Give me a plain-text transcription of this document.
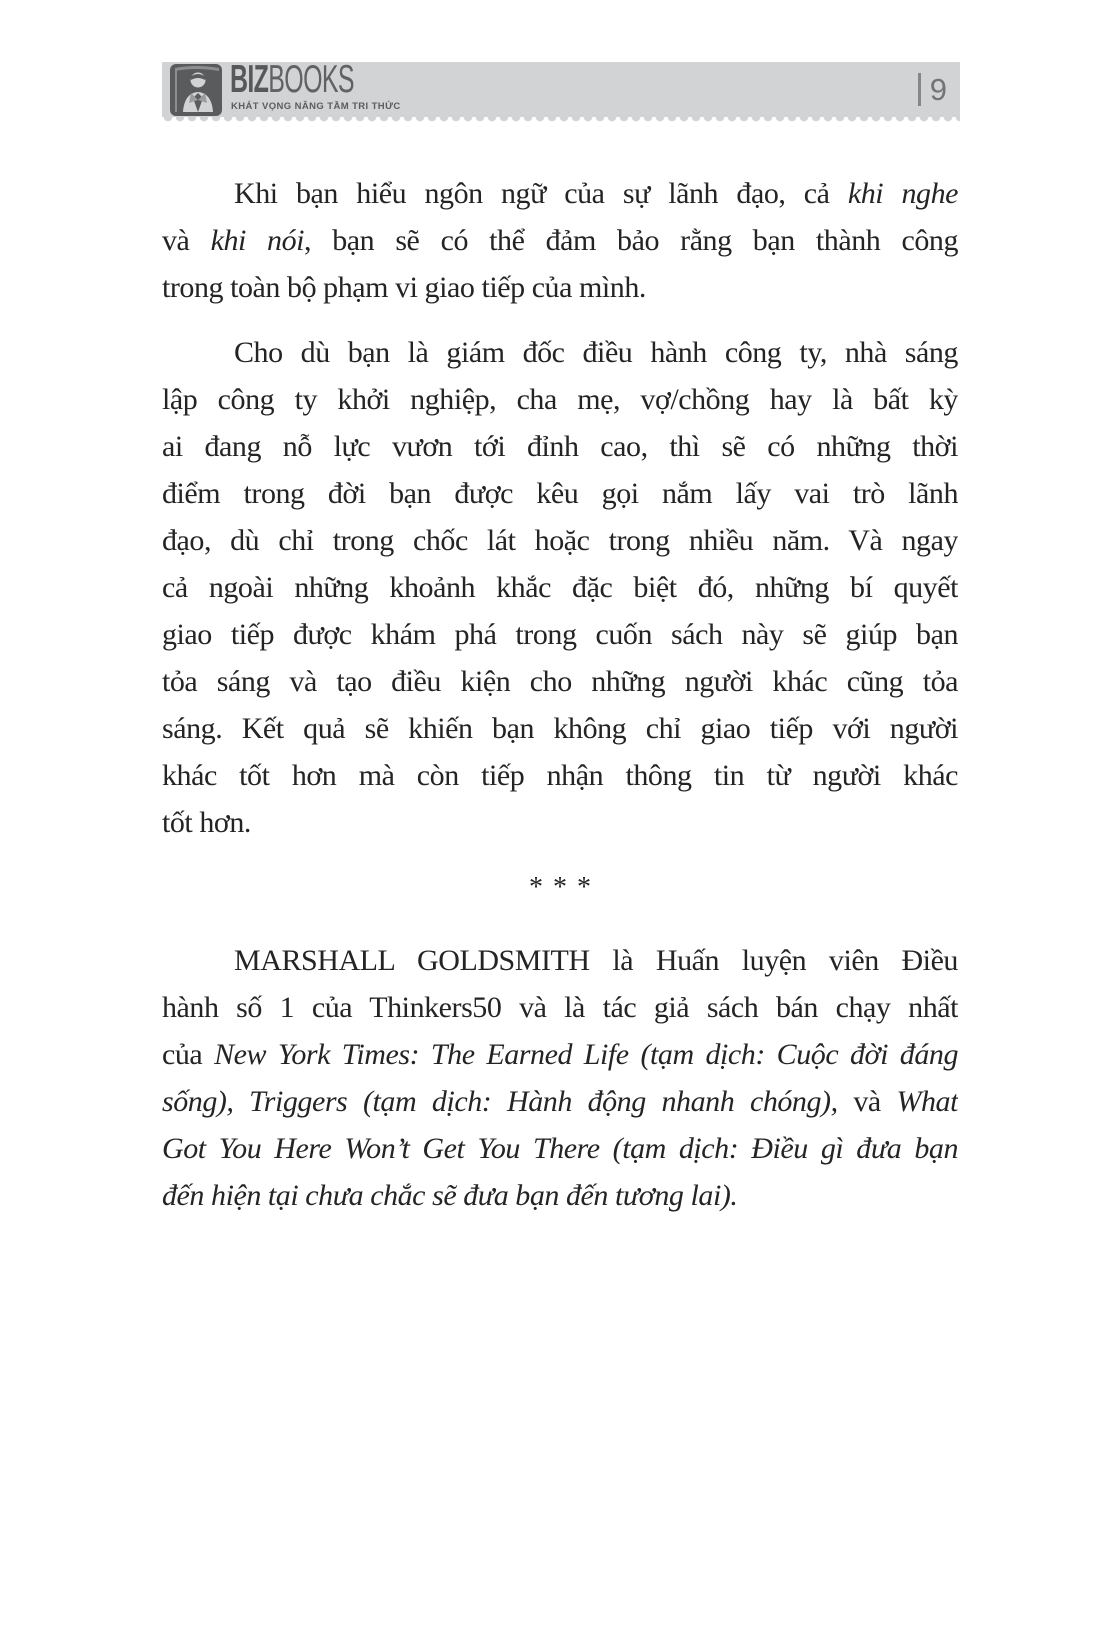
BIZBOOKS
KHÁT VỌNG NÂNG TẦM TRI THỨC	9
Khi bạn hiểu ngôn ngữ của sự lãnh đạo, cả khi nghe
và khi nói, bạn sẽ có thể đảm bảo rằng bạn thành công
trong toàn bộ phạm vi giao tiếp của mình.
Cho dù bạn là giám đốc điều hành công ty, nhà sáng
lập công ty khởi nghiệp, cha mẹ, vợ/chồng hay là bất kỳ
ai đang nỗ lực vươn tới đỉnh cao, thì sẽ có những thời
điểm trong đời bạn được kêu gọi nắm lấy vai trò lãnh
đạo, dù chỉ trong chốc lát hoặc trong nhiều năm. Và ngay
cả ngoài những khoảnh khắc đặc biệt đó, những bí quyết
giao tiếp được khám phá trong cuốn sách này sẽ giúp bạn
tỏa sáng và tạo điều kiện cho những người khác cũng tỏa
sáng. Kết quả sẽ khiến bạn không chỉ giao tiếp với người
khác tốt hơn mà còn tiếp nhận thông tin từ người khác
tốt hơn.
***
MARSHALL GOLDSMITH là Huấn luyện viên Điều
hành số 1 của Thinkers50 và là tác giả sách bán chạy nhất
của New York Times: The Earned Life (tạm dịch: Cuộc đời đáng
sống), Triggers (tạm dịch: Hành động nhanh chóng), và What
Got You Here Won’t Get You There (tạm dịch: Điều gì đưa bạn
đến hiện tại chưa chắc sẽ đưa bạn đến tương lai).
